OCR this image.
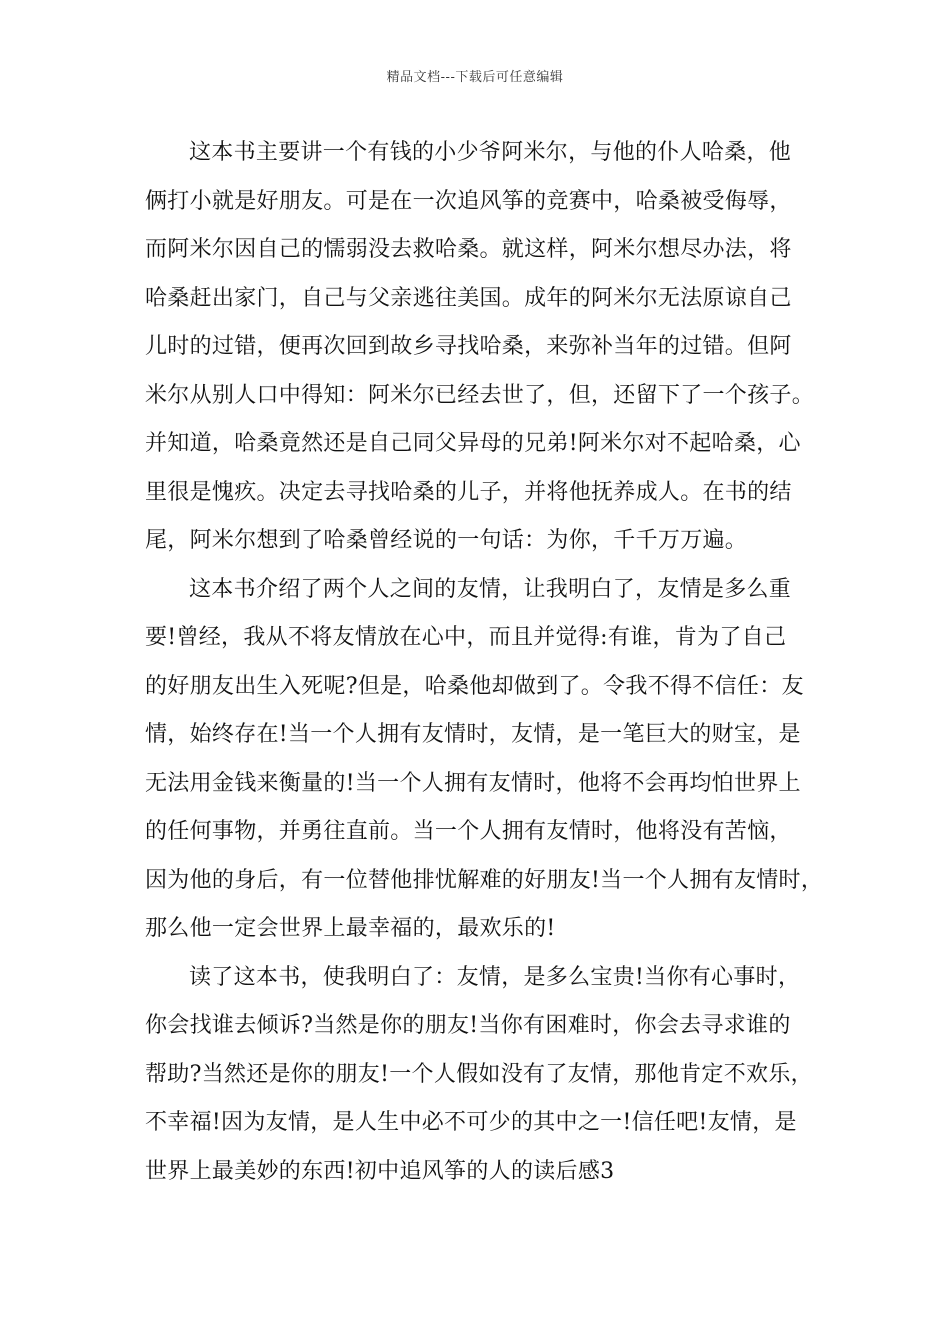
精品文档---下载后可任意编辑
这本书主要讲一个有钱的小少爷阿米尔，与他的仆人哈桑，他
俩打小就是好朋友。可是在一次追风筝的竞赛中，哈桑被受侮辱，
而阿米尔因自己的懦弱没去救哈桑。就这样，阿米尔想尽办法，将
哈桑赶出家门，自己与父亲逃往美国。成年的阿米尔无法原谅自己
儿时的过错，便再次回到故乡寻找哈桑，来弥补当年的过错。但阿
米尔从别人口中得知：阿米尔已经去世了，但，还留下了一个孩子。
并知道，哈桑竟然还是自己同父异母的兄弟!阿米尔对不起哈桑，心
里很是愧疚。决定去寻找哈桑的儿子，并将他抚养成人。在书的结
尾，阿米尔想到了哈桑曾经说的一句话：为你，千千万万遍。
这本书介绍了两个人之间的友情，让我明白了，友情是多么重
要!曾经，我从不将友情放在心中，而且并觉得:有谁，肯为了自己
的好朋友出生入死呢?但是，哈桑他却做到了。令我不得不信任：友
情，始终存在!当一个人拥有友情时，友情，是一笔巨大的财宝，是
无法用金钱来衡量的!当一个人拥有友情时，他将不会再均怕世界上
的任何事物，并勇往直前。当一个人拥有友情时，他将没有苦恼，
因为他的身后，有一位替他排忧解难的好朋友!当一个人拥有友情时，
那么他一定会世界上最幸福的，最欢乐的!
读了这本书，使我明白了：友情，是多么宝贵!当你有心事时，
你会找谁去倾诉?当然是你的朋友!当你有困难时，你会去寻求谁的
帮助?当然还是你的朋友!一个人假如没有了友情，那他肯定不欢乐，
不幸福!因为友情，是人生中必不可少的其中之一!信任吧!友情，是
世界上最美妙的东西!初中追风筝的人的读后感3
